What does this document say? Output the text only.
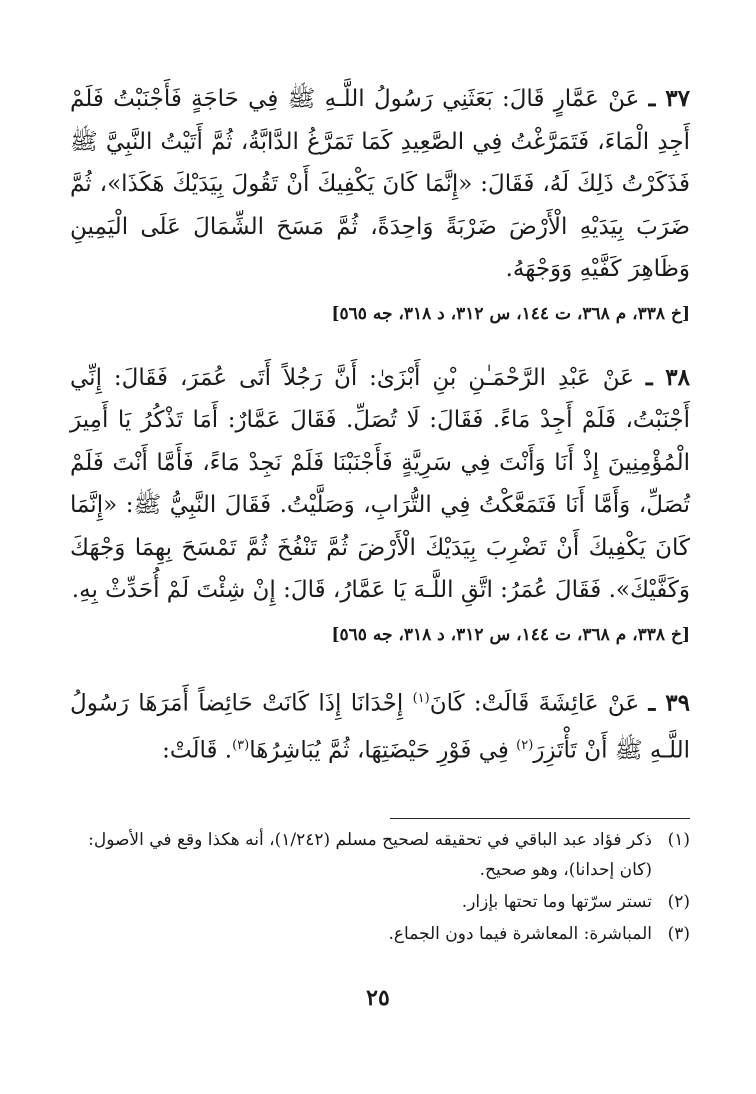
٣٧ ـ عَنْ عَمَّارٍ قَالَ: بَعَثَنِي رَسُولُ اللَّـهِ ﷺ فِي حَاجَةٍ فَأَجْنَبْتُ فَلَمْ أَجِدِ الْمَاءَ، فَتَمَرَّغْتُ فِي الصَّعِيدِ كَمَا تَمَرَّغُ الدَّابَّةُ، ثُمَّ أَتَيْتُ النَّبِيَّ ﷺ فَذَكَرْتُ ذَلِكَ لَهُ، فَقَالَ: «إِنَّمَا كَانَ يَكْفِيكَ أَنْ تَقُولَ بِيَدَيْكَ هَكَذَا»، ثُمَّ ضَرَبَ بِيَدَيْهِ الْأَرْضَ ضَرْبَةً وَاحِدَةً، ثُمَّ مَسَحَ الشِّمَالَ عَلَى الْيَمِينِ وَظَاهِرَ كَفَّيْهِ وَوَجْهَهُ.

[خ ٣٣٨، م ٣٦٨، ت ١٤٤، س ٣١٢، د ٣١٨، جه ٥٦٥]

٣٨ ـ عَنْ عَبْدِ الرَّحْمَـٰنِ بْنِ أَبْزَىٰ: أَنَّ رَجُلاً أَتَى عُمَرَ، فَقَالَ: إِنِّي أَجْنَبْتُ، فَلَمْ أَجِدْ مَاءً. فَقَالَ: لَا تُصَلِّ. فَقَالَ عَمَّارٌ: أَمَا تَذْكُرُ يَا أَمِيرَ الْمُؤْمِنِينَ إِذْ أَنَا وَأَنْتَ فِي سَرِيَّةٍ فَأَجْنَبْنَا فَلَمْ نَجِدْ مَاءً، فَأَمَّا أَنْتَ فَلَمْ تُصَلِّ، وَأَمَّا أَنَا فَتَمَعَّكْتُ فِي التُّرَابِ، وَصَلَّيْتُ. فَقَالَ النَّبِيُّ ﷺ: «إِنَّمَا كَانَ يَكْفِيكَ أَنْ تَضْرِبَ بِيَدَيْكَ الْأَرْضَ ثُمَّ تَنْفُخَ ثُمَّ تَمْسَحَ بِهِمَا وَجْهَكَ وَكَفَّيْكَ». فَقَالَ عُمَرُ: اتَّقِ اللَّـهَ يَا عَمَّارُ، قَالَ: إِنْ شِئْتَ لَمْ أُحَدِّثْ بِهِ.

[خ ٣٣٨، م ٣٦٨، ت ١٤٤، س ٣١٢، د ٣١٨، جه ٥٦٥]

٣٩ ـ عَنْ عَائِشَةَ قَالَتْ: كَانَ$^{(١)}$ إِحْدَانَا إِذَا كَانَتْ حَائِضاً أَمَرَهَا رَسُولُ اللَّـهِ ﷺ أَنْ تَأْتَزِرَ$^{(٢)}$ فِي فَوْرِ حَيْضَتِهَا، ثُمَّ يُبَاشِرُهَا$^{(٣)}$. قَالَتْ:

(١)
ذكر فؤاد عبد الباقي في تحقيقه لصحيح مسلم (١/٢٤٢)، أنه هكذا وقع في الأصول: (كان إحدانا)، وهو صحيح.

(٢)
تستر سرّتها وما تحتها بإزار.

(٣)
المباشرة: المعاشرة فيما دون الجماع.

٢٥
